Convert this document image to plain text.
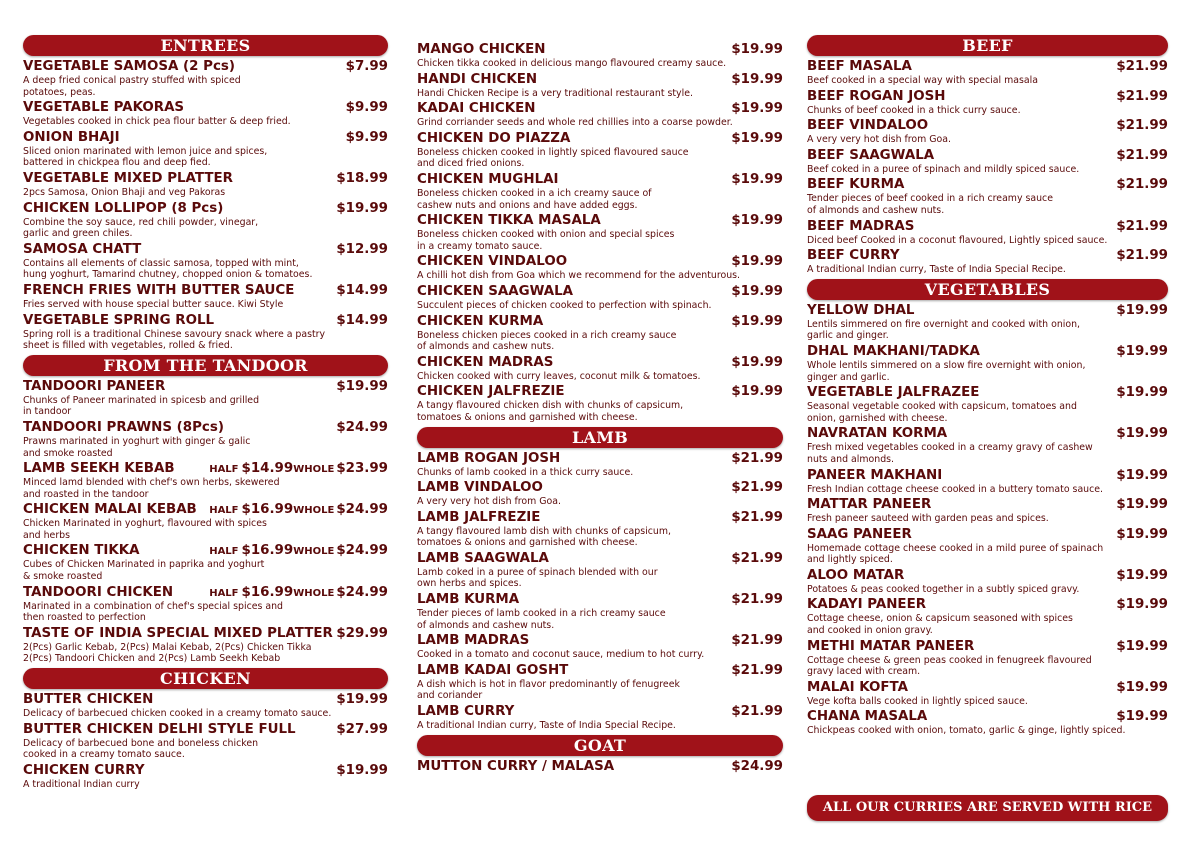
ENTREES
VEGETABLE SAMOSA (2 Pcs)	$7.99
A deep fried conical pastry stuffed with spiced
potatoes, peas.
VEGETABLE PAKORAS	$9.99
Vegetables cooked in chick pea flour batter & deep fried.
ONION BHAJI	$9.99
Sliced onion marinated with lemon juice and spices,
battered in chickpea flou and deep fied.
VEGETABLE MIXED PLATTER	$18.99
2pcs Samosa, Onion Bhaji and veg Pakoras
CHICKEN LOLLIPOP (8 Pcs)	$19.99
Combine the soy sauce, red chili powder, vinegar,
garlic and green chiles.
SAMOSA CHATT	$12.99
Contains all elements of classic samosa, topped with mint,
hung yoghurt, Tamarind chutney, chopped onion & tomatoes.
FRENCH FRIES WITH BUTTER SAUCE	$14.99
Fries served with house special butter sauce. Kiwi Style
VEGETABLE SPRING ROLL	$14.99
Spring roll is a traditional Chinese savoury snack where a pastry
sheet is filled with vegetables, rolled & fried.
FROM THE TANDOOR
TANDOORI PANEER	$19.99
Chunks of Paneer marinated in spicesb and grilled
in tandoor
TANDOORI PRAWNS (8Pcs)	$24.99
Prawns marinated in yoghurt with ginger & galic
and smoke roasted
LAMB SEEKH KEBAB	HALF $14.99 WHOLE $23.99
Minced lamd blended with chef's own herbs, skewered
and roasted in the tandoor
CHICKEN MALAI KEBAB	HALF $16.99 WHOLE $24.99
Chicken Marinated in yoghurt, flavoured with spices
and herbs
CHICKEN TIKKA	HALF $16.99 WHOLE $24.99
Cubes of Chicken Marinated in paprika and yoghurt
& smoke roasted
TANDOORI CHICKEN	HALF $16.99 WHOLE $24.99
Marinated in a combination of chef's special spices and
then roasted to perfection
TASTE OF INDIA SPECIAL MIXED PLATTER $29.99
2(Pcs) Garlic Kebab, 2(Pcs) Malai Kebab, 2(Pcs) Chicken Tikka
2(Pcs) Tandoori Chicken and 2(Pcs) Lamb Seekh Kebab
CHICKEN
BUTTER CHICKEN	$19.99
Delicacy of barbecued chicken cooked in a creamy tomato sauce.
BUTTER CHICKEN DELHI STYLE FULL	$27.99
Delicacy of barbecued bone and boneless chicken
cooked in a creamy tomato sauce.
CHICKEN CURRY	$19.99
A traditional Indian curry
MANGO CHICKEN	$19.99
Chicken tikka cooked in delicious mango flavoured creamy sauce.
HANDI CHICKEN	$19.99
Handi Chicken Recipe is a very traditional restaurant style.
KADAI CHICKEN	$19.99
Grind corriander seeds and whole red chillies into a coarse powder.
CHICKEN DO PIAZZA	$19.99
Boneless chicken cooked in lightly spiced flavoured sauce
and diced fried onions.
CHICKEN MUGHLAI	$19.99
Boneless chicken cooked in a ich creamy sauce of
cashew nuts and onions and have added eggs.
CHICKEN TIKKA MASALA	$19.99
Boneless chicken cooked with onion and special spices
in a creamy tomato sauce.
CHICKEN VINDALOO	$19.99
A chilli hot dish from Goa which we recommend for the adventurous.
CHICKEN SAAGWALA	$19.99
Succulent pieces of chicken cooked to perfection with spinach.
CHICKEN KURMA	$19.99
Boneless chicken pieces cooked in a rich creamy sauce
of almonds and cashew nuts.
CHICKEN MADRAS	$19.99
Chicken cooked with curry leaves, coconut milk & tomatoes.
CHICKEN JALFREZIE	$19.99
A tangy flavoured chicken dish with chunks of capsicum,
tomatoes & onions and garnished with cheese.
LAMB
LAMB ROGAN JOSH	$21.99
Chunks of lamb cooked in a thick curry sauce.
LAMB VINDALOO	$21.99
A very very hot dish from Goa.
LAMB JALFREZIE	$21.99
A tangy flavoured lamb dish with chunks of capsicum,
tomatoes & onions and garnished with cheese.
LAMB SAAGWALA	$21.99
Lamb coked in a puree of spinach blended with our
own herbs and spices.
LAMB KURMA	$21.99
Tender pieces of lamb cooked in a rich creamy sauce
of almonds and cashew nuts.
LAMB MADRAS	$21.99
Cooked in a tomato and coconut sauce, medium to hot curry.
LAMB KADAI GOSHT	$21.99
A dish which is hot in flavor predominantly of fenugreek
and coriander
LAMB CURRY	$21.99
A traditional Indian curry, Taste of India Special Recipe.
GOAT
MUTTON CURRY / MALASA	$24.99
BEEF
BEEF MASALA	$21.99
Beef cooked in a special way with special masala
BEEF ROGAN JOSH	$21.99
Chunks of beef cooked in a thick curry sauce.
BEEF VINDALOO	$21.99
A very very hot dish from Goa.
BEEF SAAGWALA	$21.99
Beef coked in a puree of spinach and mildly spiced sauce.
BEEF KURMA	$21.99
Tender pieces of beef cooked in a rich creamy sauce
of almonds and cashew nuts.
BEEF MADRAS	$21.99
Diced beef Cooked in a coconut flavoured, Lightly spiced sauce.
BEEF CURRY	$21.99
A traditional Indian curry, Taste of India Special Recipe.
VEGETABLES
YELLOW DHAL	$19.99
Lentils simmered on fire overnight and cooked with onion,
garlic and ginger.
DHAL MAKHANI/TADKA	$19.99
Whole lentils simmered on a slow fire overnight with onion,
ginger and garlic.
VEGETABLE JALFRAZEE	$19.99
Seasonal vegetable cooked with capsicum, tomatoes and
onion, garnished with cheese.
NAVRATAN KORMA	$19.99
Fresh mixed vegetables cooked in a creamy gravy of cashew
nuts and almonds.
PANEER MAKHANI	$19.99
Fresh Indian cottage cheese cooked in a buttery tomato sauce.
MATTAR PANEER	$19.99
Fresh paneer sauteed with garden peas and spices.
SAAG PANEER	$19.99
Homemade cottage cheese cooked in a mild puree of spainach
and lightly spiced.
ALOO MATAR	$19.99
Potatoes & peas cooked together in a subtly spiced gravy.
KADAYI PANEER	$19.99
Cottage cheese, onion & capsicum seasoned with spices
and cooked in onion gravy.
METHI MATAR PANEER	$19.99
Cottage cheese & green peas cooked in fenugreek flavoured
gravy laced with cream.
MALAI KOFTA	$19.99
Vege kofta balls cooked in lightly spiced sauce.
CHANA MASALA	$19.99
Chickpeas cooked with onion, tomato, garlic & ginge, lightly spiced.
ALL OUR CURRIES ARE SERVED WITH RICE
